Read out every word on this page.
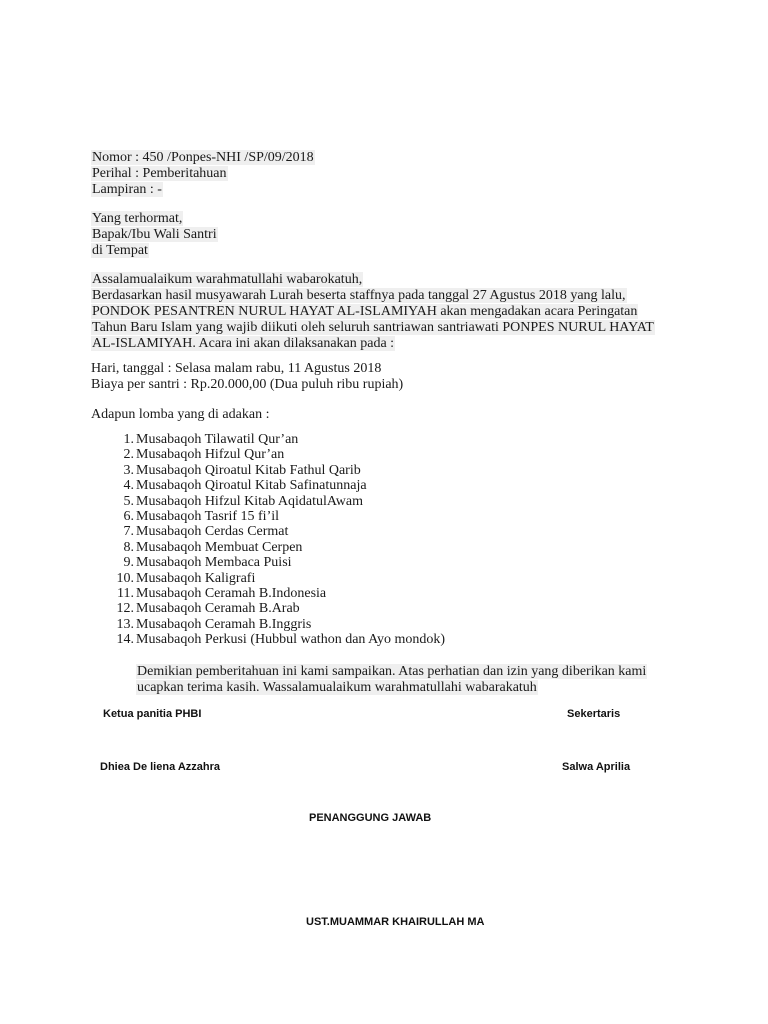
Nomor : 450 /Ponpes-NHI /SP/09/2018
Perihal : Pemberitahuan
Lampiran : -
Yang terhormat,
Bapak/Ibu Wali Santri
di Tempat
Assalamualaikum warahmatullahi wabarokatuh,
Berdasarkan hasil musyawarah Lurah beserta staffnya pada tanggal 27 Agustus 2018 yang lalu,
PONDOK PESANTREN NURUL HAYAT AL-ISLAMIYAH akan mengadakan acara Peringatan
Tahun Baru Islam yang wajib diikuti oleh seluruh santriawan santriawati PONPES NURUL HAYAT
AL-ISLAMIYAH. Acara ini akan dilaksanakan pada :
Hari, tanggal : Selasa malam rabu, 11 Agustus 2018
Biaya per santri : Rp.20.000,00 (Dua puluh ribu rupiah)
Adapun lomba yang di adakan :
1. Musabaqoh Tilawatil Qur’an
2. Musabaqoh Hifzul Qur’an
3. Musabaqoh Qiroatul Kitab Fathul Qarib
4. Musabaqoh Qiroatul Kitab Safinatunnaja
5. Musabaqoh Hifzul Kitab AqidatulAwam
6. Musabaqoh Tasrif 15 fi’il
7. Musabaqoh Cerdas Cermat
8. Musabaqoh Membuat Cerpen
9. Musabaqoh Membaca Puisi
10. Musabaqoh Kaligrafi
11. Musabaqoh Ceramah B.Indonesia
12. Musabaqoh Ceramah B.Arab
13. Musabaqoh Ceramah B.Inggris
14. Musabaqoh Perkusi (Hubbul wathon dan Ayo mondok)
Demikian pemberitahuan ini kami sampaikan. Atas perhatian dan izin yang diberikan kami
ucapkan terima kasih. Wassalamualaikum warahmatullahi wabarakatuh
Ketua panitia PHBI	Sekertaris
Dhiea De liena Azzahra	Salwa Aprilia
PENANGGUNG JAWAB
UST.MUAMMAR KHAIRULLAH MA
